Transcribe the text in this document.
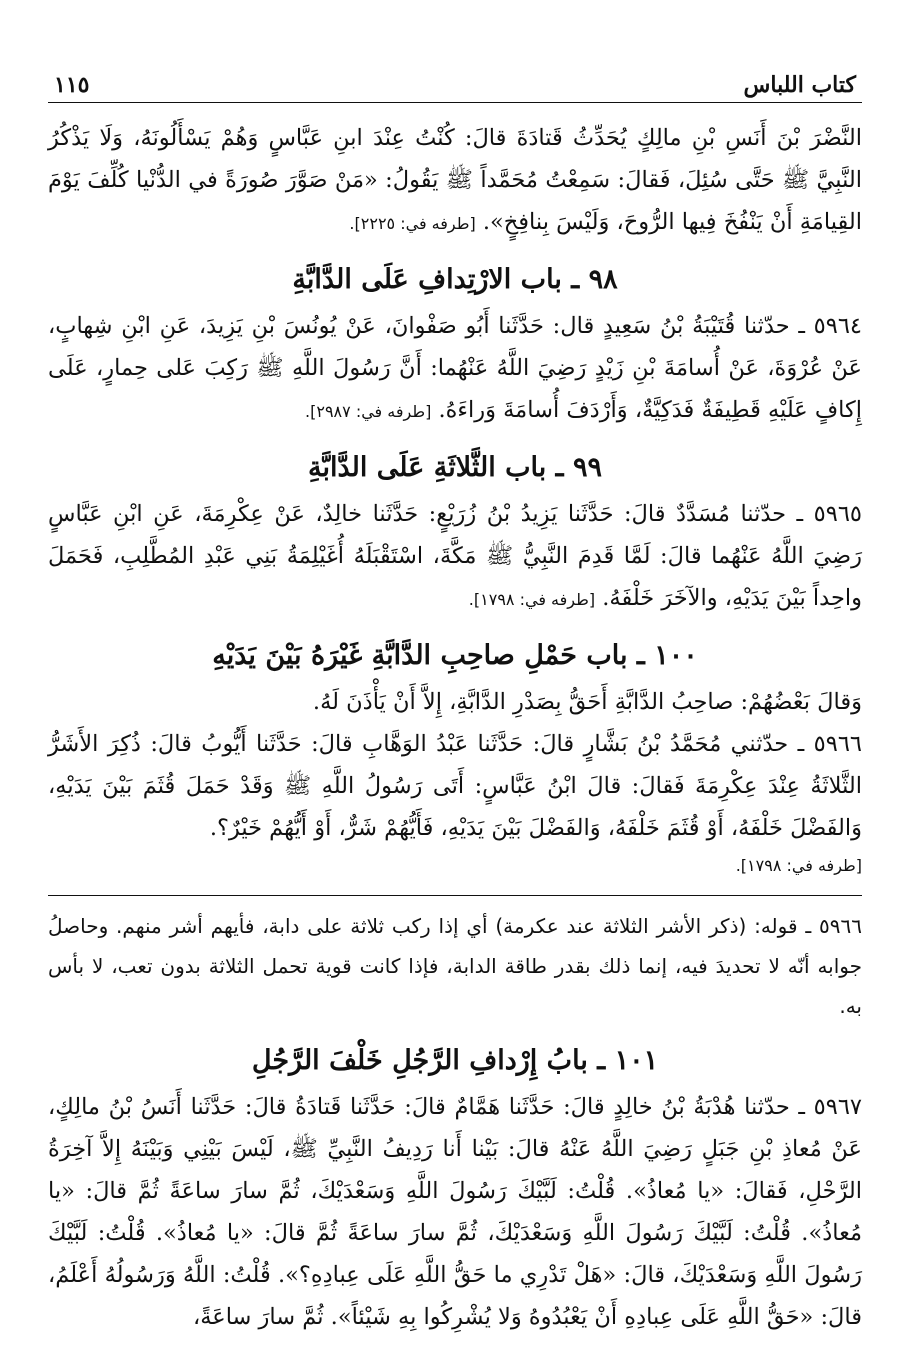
كتاب اللباس
١١٥

النَّضْرَ بْنَ أَنَسِ بْنِ مالِكٍ يُحَدِّثُ قَتادَةَ قالَ: كُنْتُ عِنْدَ ابنِ عَبَّاسٍ وَهُمْ يَسْأَلُونَهُ، وَلَا يَذْكُرُ النَّبِيَّ ﷺ حَتَّى سُئِلَ، فَقالَ: سَمِعْتُ مُحَمَّداً ﷺ يَقُولُ: «مَنْ صَوَّرَ صُورَةً في الدُّنْيا كُلِّفَ يَوْمَ القِيامَةِ أَنْ يَنْفُخَ فِيها الرُّوحَ، وَلَيْسَ بِنافِخٍ». [طرفه في: ٢٢٢٥].

٩٨ ـ باب الارْتِدافِ عَلَى الدَّابَّةِ

٥٩٦٤ ـ حدّثنا قُتَيْبَةُ بْنُ سَعِيدٍ قال: حَدَّثَنا أَبُو صَفْوانَ، عَنْ يُونُسَ بْنِ يَزِيدَ، عَنِ ابْنِ شِهابٍ، عَنْ عُرْوَةَ، عَنْ أُسامَةَ بْنِ زَيْدٍ رَضِيَ اللَّهُ عَنْهُما: أَنَّ رَسُولَ اللَّهِ ﷺ رَكِبَ عَلى حِمارٍ، عَلَى إِكافٍ عَلَيْهِ قَطِيفَةٌ فَدَكِيَّةٌ، وَأَرْدَفَ أُسامَةَ وَراءَهُ. [طرفه في: ٢٩٨٧].

٩٩ ـ باب الثَّلاثَةِ عَلَى الدَّابَّةِ

٥٩٦٥ ـ حدّثنا مُسَدَّدٌ قالَ: حَدَّثَنا يَزِيدُ بْنُ زُرَيْعٍ: حَدَّثَنا خالِدٌ، عَنْ عِكْرِمَةَ، عَنِ ابْنِ عَبَّاسٍ رَضِيَ اللَّهُ عَنْهُما قالَ: لَمَّا قَدِمَ النَّبِيُّ ﷺ مَكَّةَ، اسْتَقْبَلَهُ أُغَيْلِمَةُ بَنِي عَبْدِ المُطَّلِبِ، فَحَمَلَ واحِداً بَيْنَ يَدَيْهِ، والآخَرَ خَلْفَهُ. [طرفه في: ١٧٩٨].

١٠٠ ـ باب حَمْلِ صاحِبِ الدَّابَّةِ غَيْرَهُ بَيْنَ يَدَيْهِ

وَقالَ بَعْضُهُمْ: صاحِبُ الدَّابَّةِ أَحَقُّ بِصَدْرِ الدَّابَّةِ، إِلاَّ أَنْ يَأْذَنَ لَهُ.

٥٩٦٦ ـ حدّثني مُحَمَّدُ بْنُ بَشَّارٍ قالَ: حَدَّثَنا عَبْدُ الوَهَّابِ قالَ: حَدَّثَنا أَيُّوبُ قالَ: ذُكِرَ الأَشَرُّ الثَّلاثَةُ عِنْدَ عِكْرِمَةَ فَقالَ: قالَ ابْنُ عَبَّاسٍ: أَتَى رَسُولُ اللَّهِ ﷺ وَقَدْ حَمَلَ قُثَمَ بَيْنَ يَدَيْهِ، وَالفَضْلَ خَلْفَهُ، أَوْ قُثَمَ خَلْفَهُ، وَالفَضْلَ بَيْنَ يَدَيْهِ، فَأَيُّهُمْ شَرٌّ، أَوْ أَيُّهُمْ خَيْرٌ؟.

[طرفه في: ١٧٩٨].

٥٩٦٦ ـ قوله: (ذكر الأشر الثلاثة عند عكرمة) أي إذا ركب ثلاثة على دابة، فأيهم أشر منهم. وحاصلُ جوابه أنّه لا تحديدَ فيه، إنما ذلك بقدر طاقة الدابة، فإذا كانت قوية تحمل الثلاثة بدون تعب، لا بأس به.

١٠١ ـ بابُ إِرْدافِ الرَّجُلِ خَلْفَ الرَّجُلِ

٥٩٦٧ ـ حدّثنا هُدْبَةُ بْنُ خالِدٍ قالَ: حَدَّثَنا هَمَّامٌ قالَ: حَدَّثَنا قَتادَةُ قالَ: حَدَّثَنا أَنَسُ بْنُ مالِكٍ، عَنْ مُعاذِ بْنِ جَبَلٍ رَضِيَ اللَّهُ عَنْهُ قالَ: بَيْنا أَنا رَدِيفُ النَّبِيِّ ﷺ، لَيْسَ بَيْنِي وَبَيْنَهُ إِلاَّ آخِرَةُ الرَّحْلِ، فَقالَ: «يا مُعاذُ». قُلْتُ: لَبَّيْكَ رَسُولَ اللَّهِ وَسَعْدَيْكَ، ثُمَّ سارَ ساعَةً ثُمَّ قالَ: «يا مُعاذُ». قُلْتُ: لَبَّيْكَ رَسُولَ اللَّهِ وَسَعْدَيْكَ، ثُمَّ سارَ ساعَةً ثُمَّ قالَ: «يا مُعاذُ». قُلْتُ: لَبَّيْكَ رَسُولَ اللَّهِ وَسَعْدَيْكَ، قالَ: «هَلْ تَدْرِي ما حَقُّ اللَّهِ عَلَى عِبادِهِ؟». قُلْتُ: اللَّهُ وَرَسُولُهُ أَعْلَمُ، قالَ: «حَقُّ اللَّهِ عَلَى عِبادِهِ أَنْ يَعْبُدُوهُ وَلا يُشْرِكُوا بِهِ شَيْئاً». ثُمَّ سارَ ساعَةً،
